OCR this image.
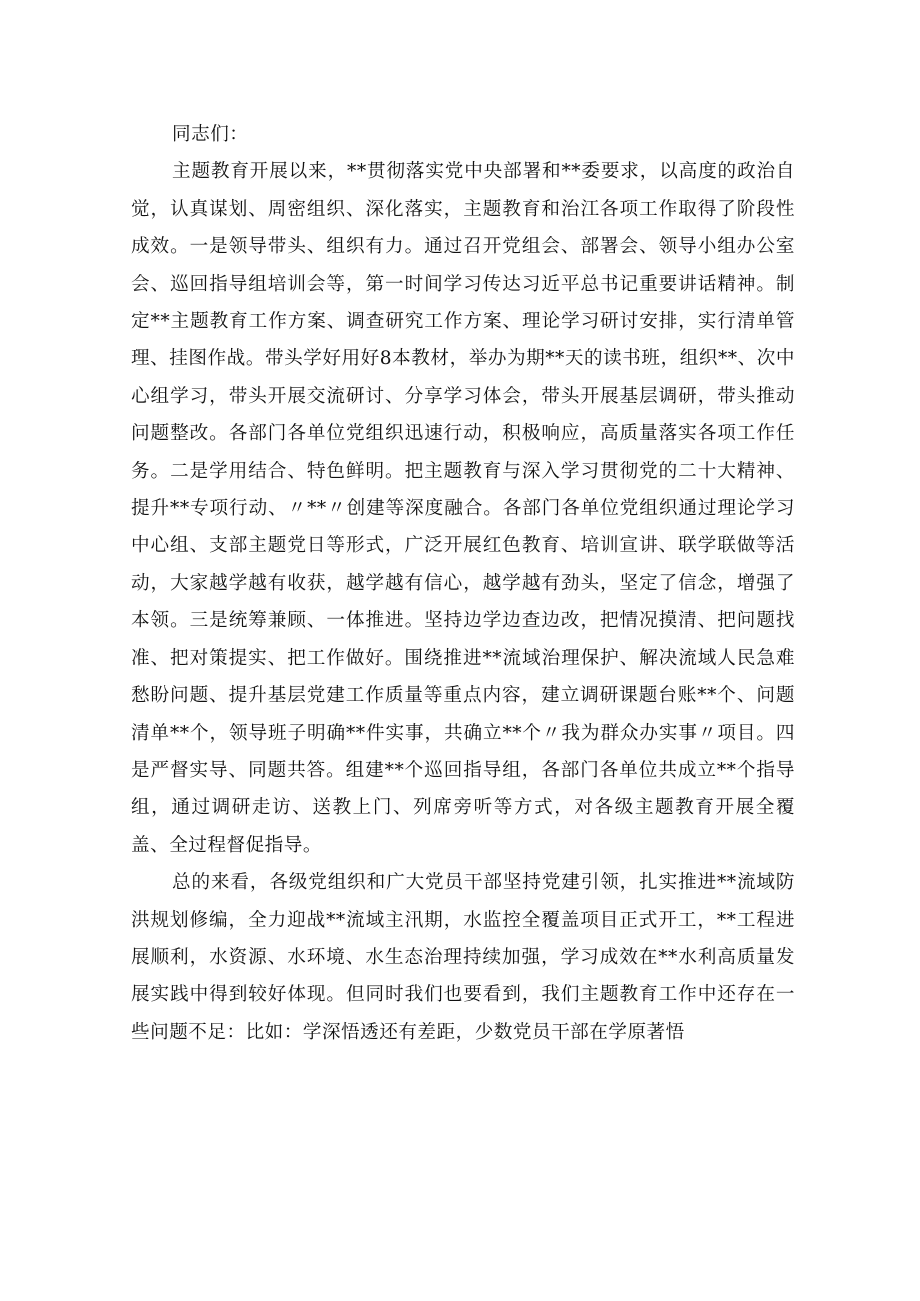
同志们：

主题教育开展以来，**贯彻落实党中央部署和**委要求，以高度的政治自觉，认真谋划、周密组织、深化落实，主题教育和治江各项工作取得了阶段性成效。一是领导带头、组织有力。通过召开党组会、部署会、领导小组办公室会、巡回指导组培训会等，第一时间学习传达习近平总书记重要讲话精神。制定**主题教育工作方案、调查研究工作方案、理论学习研讨安排，实行清单管理、挂图作战。带头学好用好8本教材，举办为期**天的读书班，组织**、次中心组学习，带头开展交流研讨、分享学习体会，带头开展基层调研，带头推动问题整改。各部门各单位党组织迅速行动，积极响应，高质量落实各项工作任务。二是学用结合、特色鲜明。把主题教育与深入学习贯彻党的二十大精神、提升**专项行动、〃**〃创建等深度融合。各部门各单位党组织通过理论学习中心组、支部主题党日等形式，广泛开展红色教育、培训宣讲、联学联做等活动，大家越学越有收获，越学越有信心，越学越有劲头，坚定了信念，增强了本领。三是统筹兼顾、一体推进。坚持边学边查边改，把情况摸清、把问题找准、把对策提实、把工作做好。围绕推进**流域治理保护、解决流域人民急难愁盼问题、提升基层党建工作质量等重点内容，建立调研课题台账**个、问题清单**个，领导班子明确**件实事，共确立**个〃我为群众办实事〃项目。四是严督实导、同题共答。组建**个巡回指导组，各部门各单位共成立**个指导组，通过调研走访、送教上门、列席旁听等方式，对各级主题教育开展全覆盖、全过程督促指导。

总的来看，各级党组织和广大党员干部坚持党建引领，扎实推进**流域防洪规划修编，全力迎战**流域主汛期，水监控全覆盖项目正式开工，**工程进展顺利，水资源、水环境、水生态治理持续加强，学习成效在**水利高质量发展实践中得到较好体现。但同时我们也要看到，我们主题教育工作中还存在一些问题不足：比如：学深悟透还有差距，少数党员干部在学原著悟
